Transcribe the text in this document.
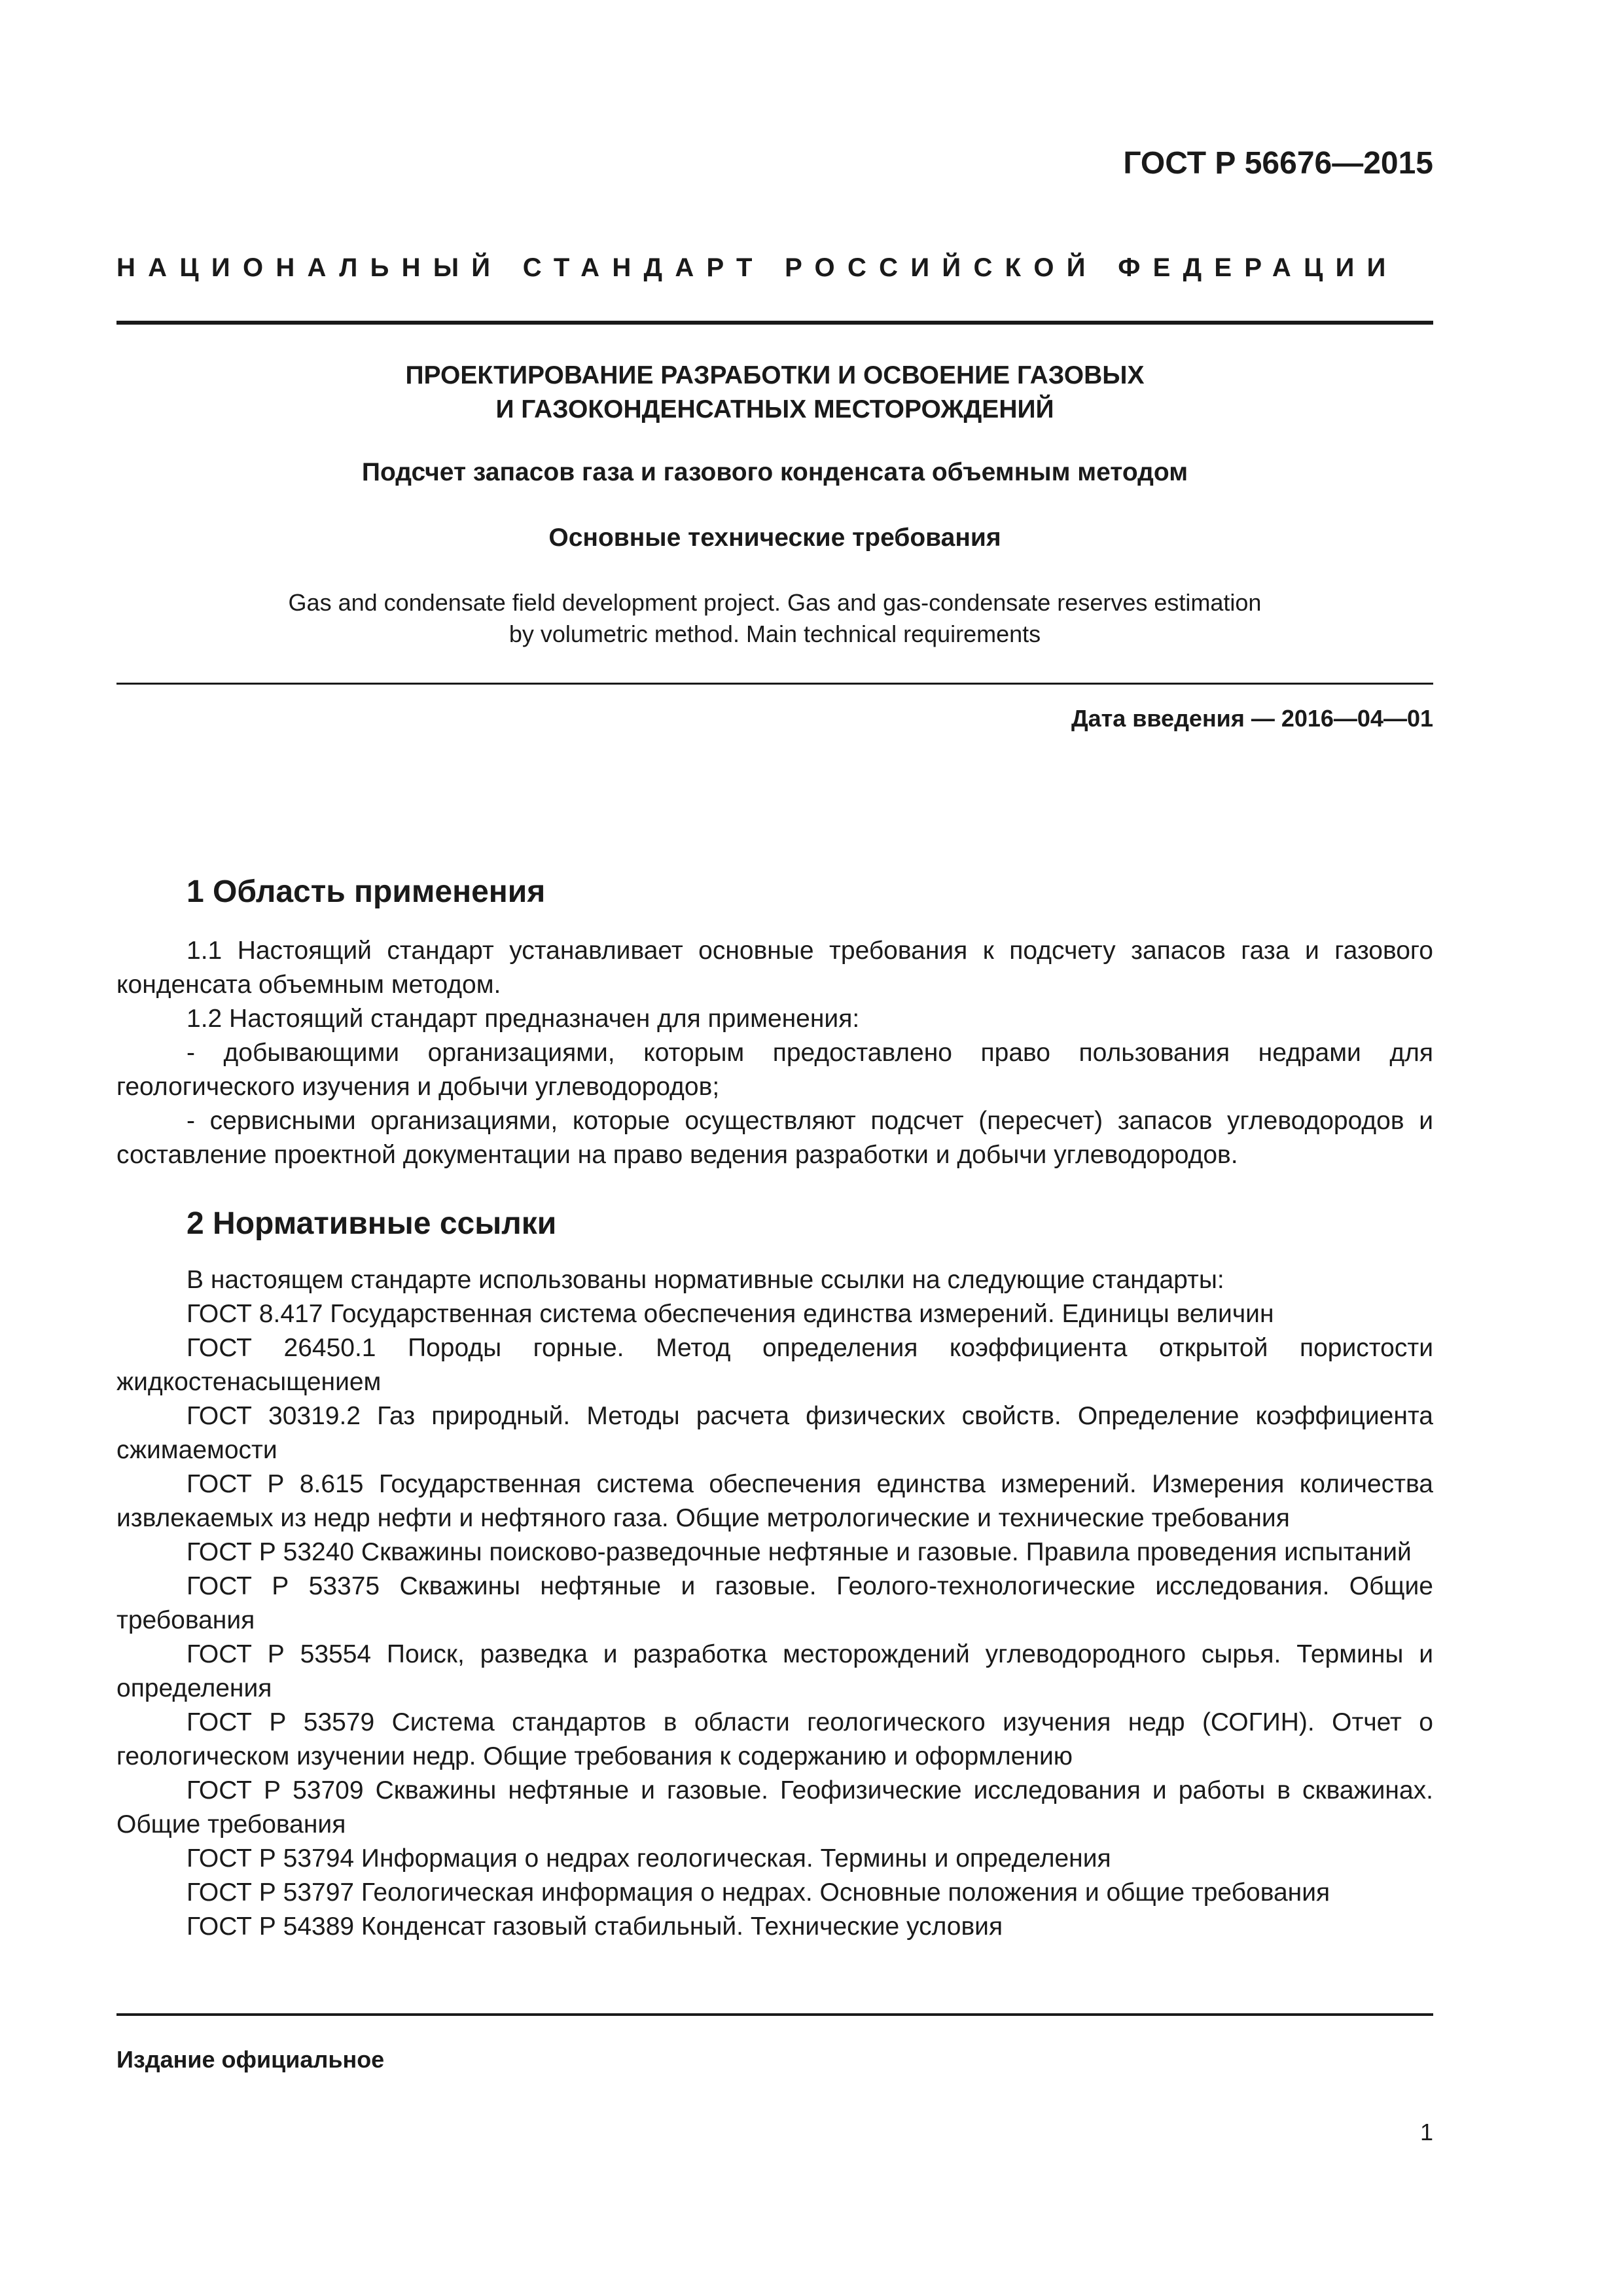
ГОСТ Р 56676—2015
НАЦИОНАЛЬНЫЙ СТАНДАРТ РОССИЙСКОЙ ФЕДЕРАЦИИ
ПРОЕКТИРОВАНИЕ РАЗРАБОТКИ И ОСВОЕНИЕ ГАЗОВЫХ
И ГАЗОКОНДЕНСАТНЫХ МЕСТОРОЖДЕНИЙ
Подсчет запасов газа и газового конденсата объемным методом
Основные технические требования
Gas and condensate field development project. Gas and gas-condensate reserves estimation
by volumetric method. Main technical requirements
Дата введения — 2016—04—01
1 Область применения

1.1 Настоящий стандарт устанавливает основные требования к подсчету запасов газа и газового конденсата объемным методом.

1.2 Настоящий стандарт предназначен для применения:

- добывающими организациями, которым предоставлено право пользования недрами для геологического изучения и добычи углеводородов;

- сервисными организациями, которые осуществляют подсчет (пересчет) запасов углеводородов и составление проектной документации на право ведения разработки и добычи углеводородов.

2 Нормативные ссылки

В настоящем стандарте использованы нормативные ссылки на следующие стандарты:

ГОСТ 8.417 Государственная система обеспечения единства измерений. Единицы величин

ГОСТ 26450.1 Породы горные. Метод определения коэффициента открытой пористости жидкостенасыщением

ГОСТ 30319.2 Газ природный. Методы расчета физических свойств. Определение коэффициента сжимаемости

ГОСТ Р 8.615 Государственная система обеспечения единства измерений. Измерения количества извлекаемых из недр нефти и нефтяного газа. Общие метрологические и технические требования

ГОСТ Р 53240 Скважины поисково-разведочные нефтяные и газовые. Правила проведения испытаний

ГОСТ Р 53375 Скважины нефтяные и газовые. Геолого-технологические исследования. Общие требования

ГОСТ Р 53554 Поиск, разведка и разработка месторождений углеводородного сырья. Термины и определения

ГОСТ Р 53579 Система стандартов в области геологического изучения недр (СОГИН). Отчет о геологическом изучении недр. Общие требования к содержанию и оформлению

ГОСТ Р 53709 Скважины нефтяные и газовые. Геофизические исследования и работы в скважинах. Общие требования

ГОСТ Р 53794 Информация о недрах геологическая. Термины и определения

ГОСТ Р 53797 Геологическая информация о недрах. Основные положения и общие требования

ГОСТ Р 54389 Конденсат газовый стабильный. Технические условия

Издание официальное
1
